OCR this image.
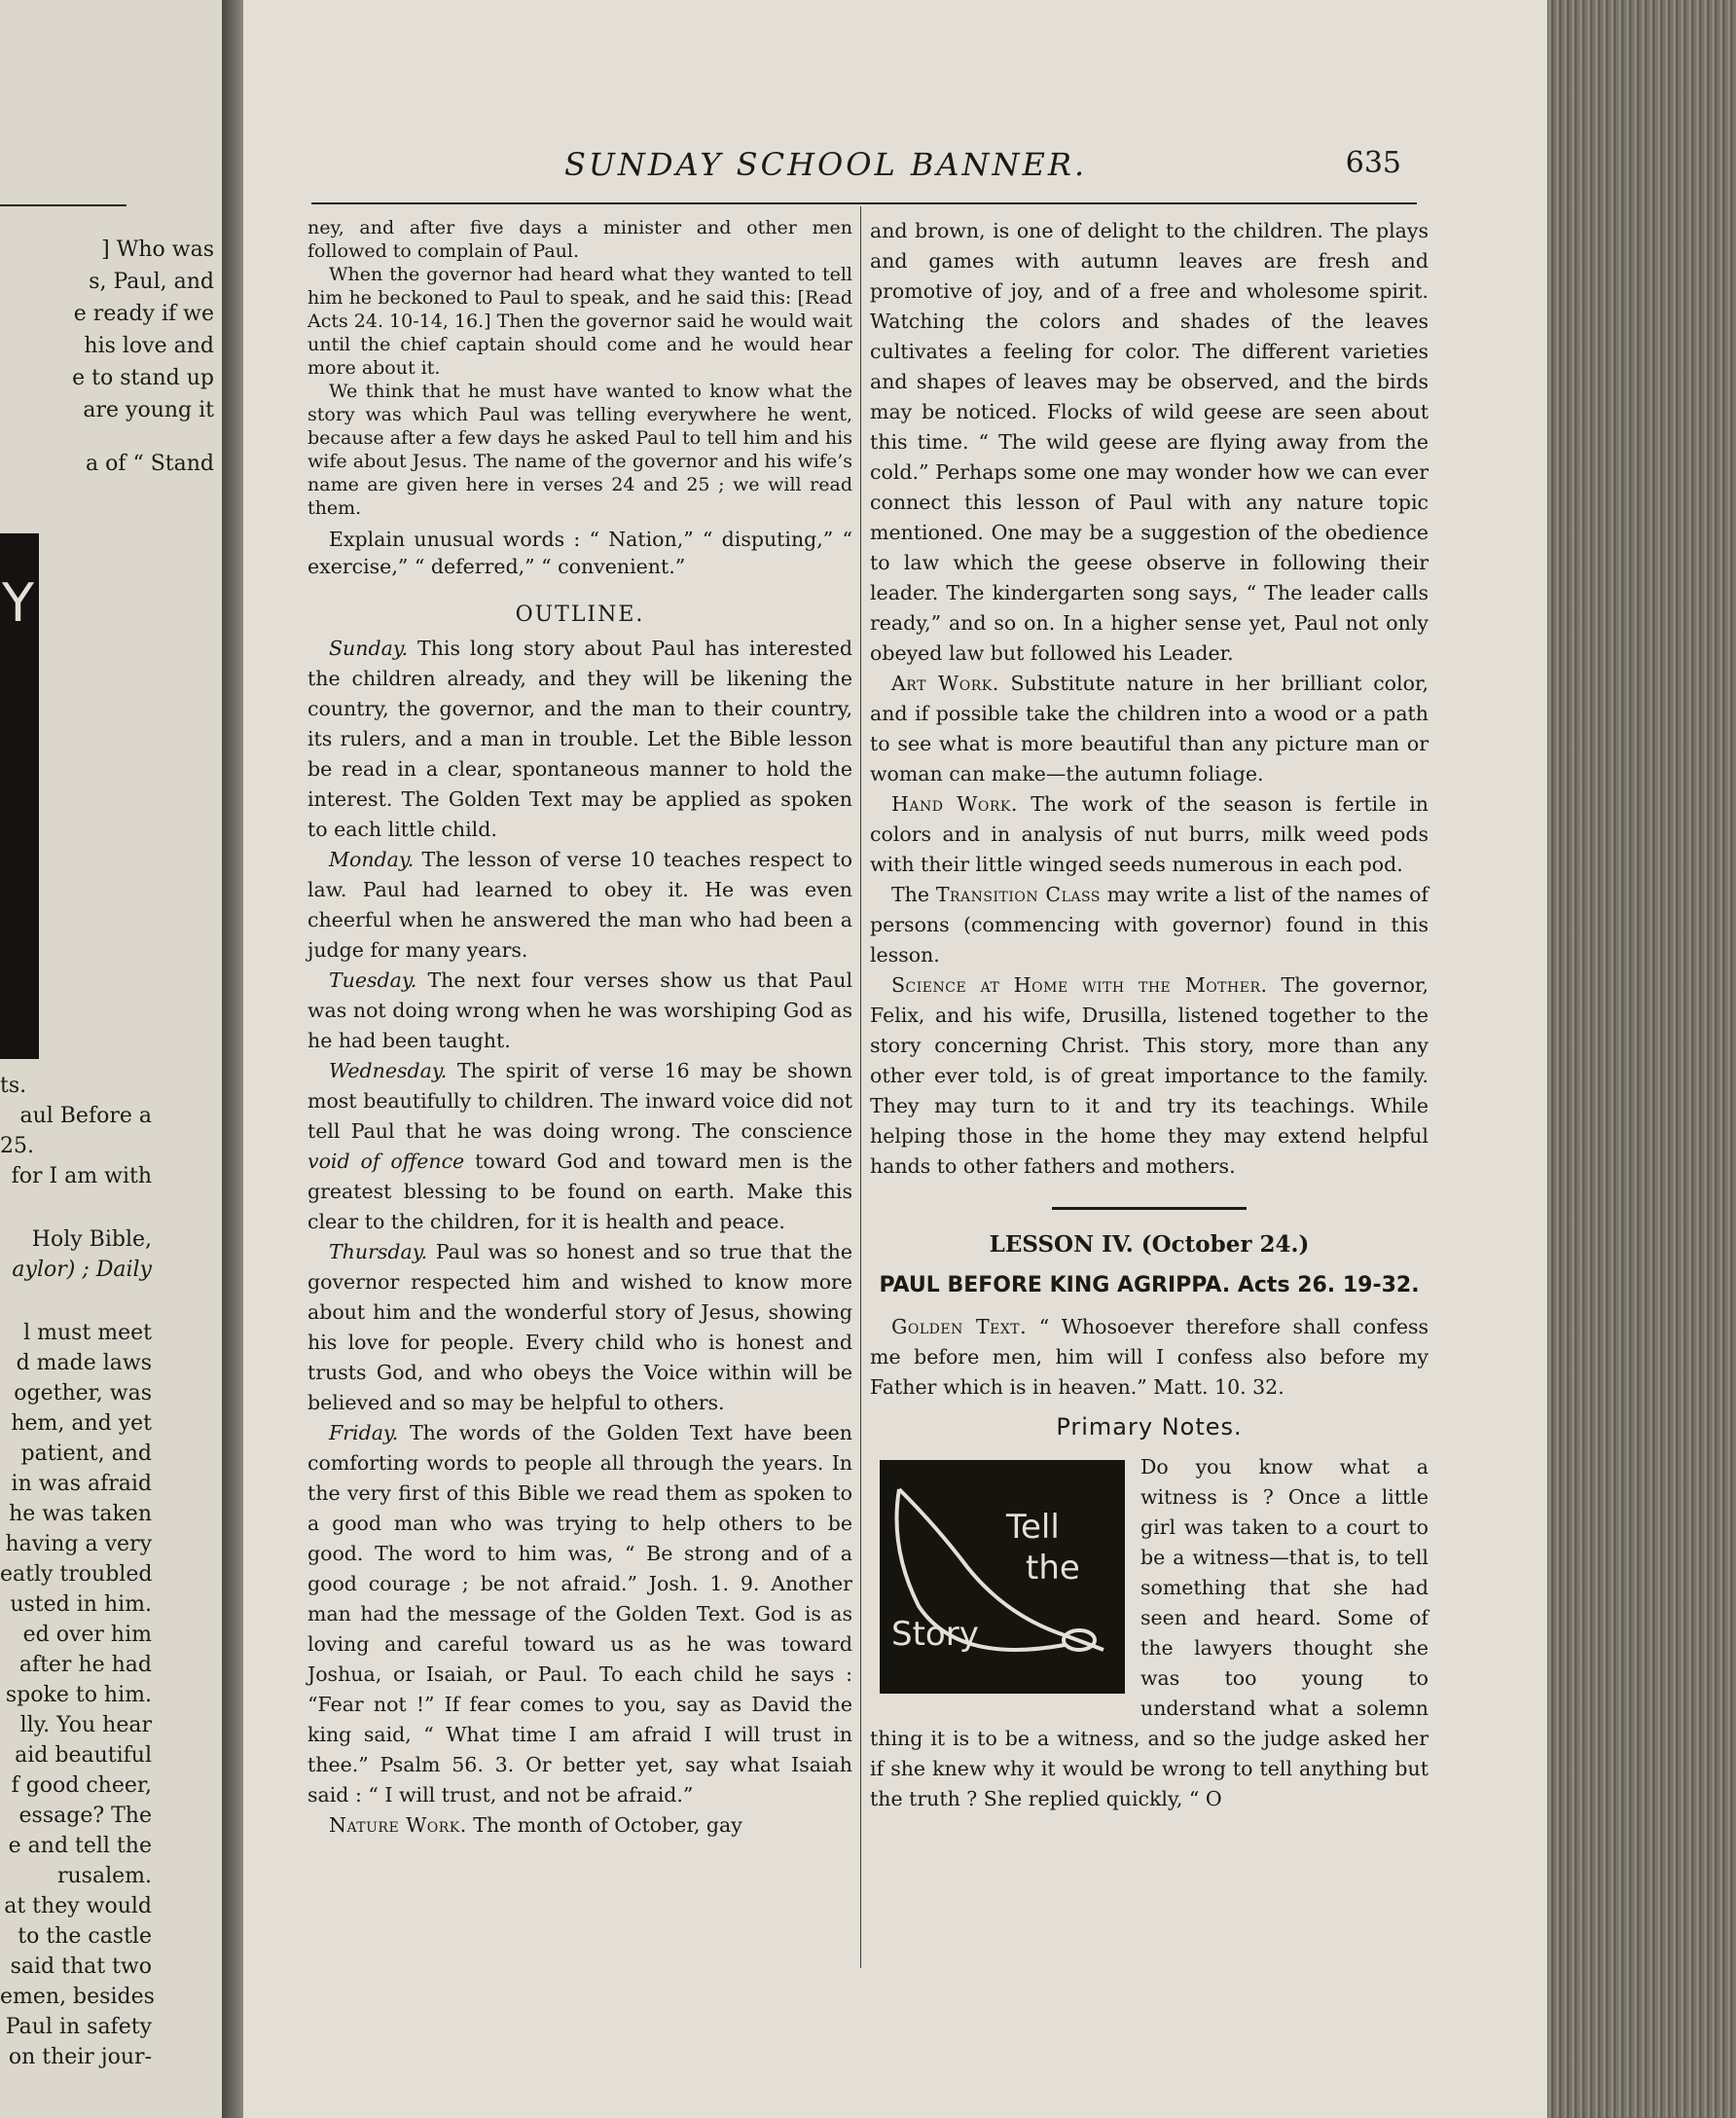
] Who was
s, Paul, and
e ready if we
his love and
e to stand up
are young it
a of “ Stand
Y
ts.
aul Before a
25.
for I am with
Holy Bible,
aylor) ; Daily
l must meet
d made laws
ogether, was
hem, and yet
patient, and
in was afraid
he was taken
having a very
eatly troubled
usted in him.
ed over him
after he had
spoke to him.
lly. You hear
aid beautiful
f good cheer,
essage? The
e and tell the
rusalem.
at they would
to the castle
said that two
emen, besides
Paul in safety
on their jour-
SUNDAY SCHOOL BANNER.	635

ney, and after five days a minister and other men followed to complain of Paul.

When the governor had heard what they wanted to tell him he beckoned to Paul to speak, and he said this: [Read Acts 24. 10-14, 16.] Then the governor said he would wait until the chief captain should come and he would hear more about it.

We think that he must have wanted to know what the story was which Paul was telling everywhere he went, because after a few days he asked Paul to tell him and his wife about Jesus. The name of the governor and his wife’s name are given here in verses 24 and 25 ; we will read them.

Explain unusual words : “ Nation,” “ disputing,” “ exercise,” “ deferred,” “ convenient.”

OUTLINE.

Sunday. This long story about Paul has interested the children already, and they will be likening the country, the governor, and the man to their country, its rulers, and a man in trouble. Let the Bible lesson be read in a clear, spontaneous manner to hold the interest. The Golden Text may be applied as spoken to each little child.

Monday. The lesson of verse 10 teaches respect to law. Paul had learned to obey it. He was even cheerful when he answered the man who had been a judge for many years.

Tuesday. The next four verses show us that Paul was not doing wrong when he was worshiping God as he had been taught.

Wednesday. The spirit of verse 16 may be shown most beautifully to children. The inward voice did not tell Paul that he was doing wrong. The conscience void of offence toward God and toward men is the greatest blessing to be found on earth. Make this clear to the children, for it is health and peace.

Thursday. Paul was so honest and so true that the governor respected him and wished to know more about him and the wonderful story of Jesus, showing his love for people. Every child who is honest and trusts God, and who obeys the Voice within will be believed and so may be helpful to others.

Friday. The words of the Golden Text have been comforting words to people all through the years. In the very first of this Bible we read them as spoken to a good man who was trying to help others to be good. The word to him was, “ Be strong and of a good courage ; be not afraid.” Josh. 1. 9. Another man had the message of the Golden Text. God is as loving and careful toward us as he was toward Joshua, or Isaiah, or Paul. To each child he says : “Fear not !” If fear comes to you, say as David the king said, “ What time I am afraid I will trust in thee.” Psalm 56. 3. Or better yet, say what Isaiah said : “ I will trust, and not be afraid.”

Nature Work. The month of October, gay

and brown, is one of delight to the children. The plays and games with autumn leaves are fresh and promotive of joy, and of a free and wholesome spirit. Watching the colors and shades of the leaves cultivates a feeling for color. The different varieties and shapes of leaves may be observed, and the birds may be noticed. Flocks of wild geese are seen about this time. “ The wild geese are flying away from the cold.” Perhaps some one may wonder how we can ever connect this lesson of Paul with any nature topic mentioned. One may be a suggestion of the obedience to law which the geese observe in following their leader. The kindergarten song says, “ The leader calls ready,” and so on. In a higher sense yet, Paul not only obeyed law but followed his Leader.

Art Work. Substitute nature in her brilliant color, and if possible take the children into a wood or a path to see what is more beautiful than any picture man or woman can make—the autumn foliage.

Hand Work. The work of the season is fertile in colors and in analysis of nut burrs, milk weed pods with their little winged seeds numerous in each pod.

The Transition Class may write a list of the names of persons (commencing with governor) found in this lesson.

Science at Home with the Mother. The governor, Felix, and his wife, Drusilla, listened together to the story concerning Christ. This story, more than any other ever told, is of great importance to the family. They may turn to it and try its teachings. While helping those in the home they may extend helpful hands to other fathers and mothers.

LESSON IV. (October 24.)
PAUL BEFORE KING AGRIPPA. Acts 26. 19-32.

Golden Text. “ Whosoever therefore shall confess me before men, him will I confess also before my Father which is in heaven.” Matt. 10. 32.

Primary Notes.
Tell
the
Story

Do you know what a witness is ? Once a little girl was taken to a court to be a witness—that is, to tell something that she had seen and heard. Some of the lawyers thought she was too young to understand what a solemn thing it is to be a witness, and so the judge asked her if she knew why it would be wrong to tell anything but the truth ? She replied quickly, “ O
